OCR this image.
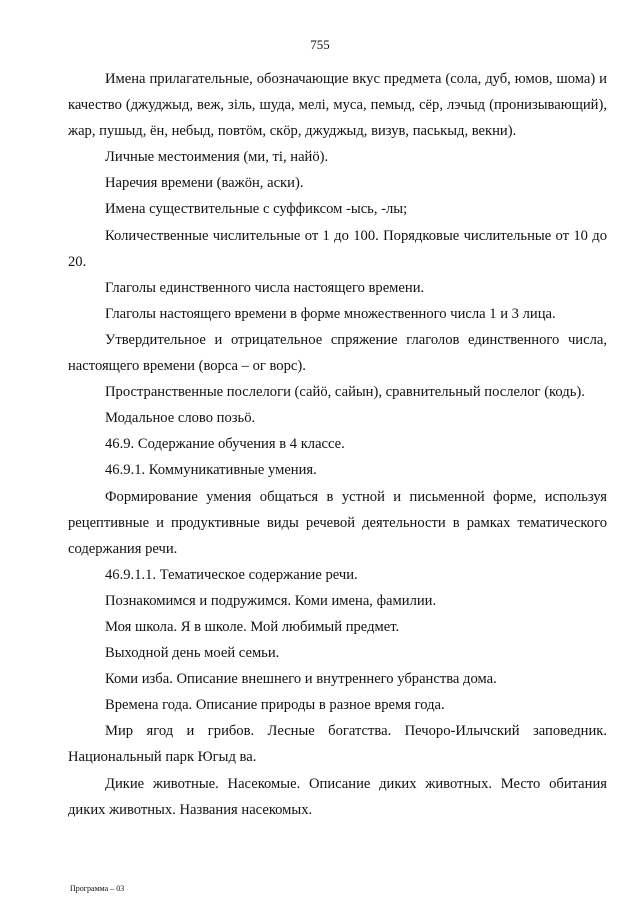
755

Имена прилагательные, обозначающие вкус предмета (сола, дуб, юмов, шома) и качество (джуджыд, веж, зiль, шуда, мелi, муса, пемыд, сёр, лэчыд (пронизывающий), жар, пушыд, ён, небыд, повтöм, скöр, джуджыд, визув, паськыд, векни).

Личные местоимения (ми, тi, найö).

Наречия времени (важöн, аски).

Имена существительные с суффиксом -ысь, -лы;

Количественные числительные от 1 до 100. Порядковые числительные от 10 до 20.

Глаголы единственного числа настоящего времени.

Глаголы настоящего времени в форме множественного числа 1 и 3 лица.

Утвердительное и отрицательное спряжение глаголов единственного числа, настоящего времени (ворса – ог ворс).

Пространственные послелоги (сайö, сайын), сравнительный послелог (кодь).

Модальное слово позьö.

46.9. Содержание обучения в 4 классе.

46.9.1. Коммуникативные умения.

Формирование умения общаться в устной и письменной форме, используя рецептивные и продуктивные виды речевой деятельности в рамках тематического содержания речи.

46.9.1.1. Тематическое содержание речи.

Познакомимся и подружимся. Коми имена, фамилии.

Моя школа. Я в школе. Мой любимый предмет.

Выходной день моей семьи.

Коми изба. Описание внешнего и внутреннего убранства дома.

Времена года. Описание природы в разное время года.

Мир ягод и грибов. Лесные богатства. Печоро-Илычский заповедник. Национальный парк Югыд ва.

Дикие животные. Насекомые. Описание диких животных. Место обитания диких животных. Названия насекомых.

Программа – 03
